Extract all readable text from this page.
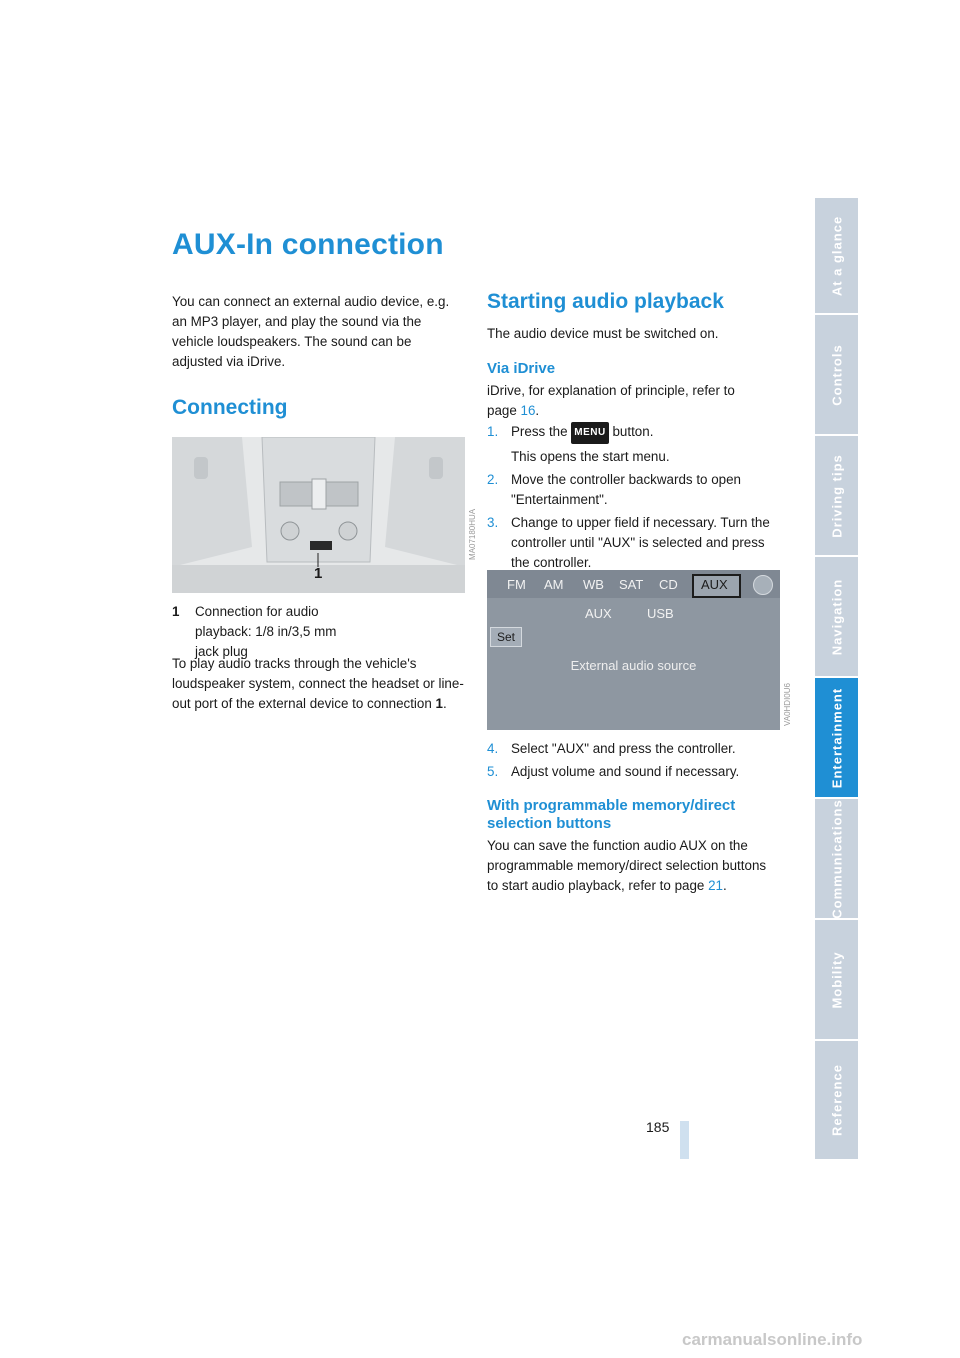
AUX-In connection
You can connect an external audio device, e.g. an MP3 player, and play the sound via the vehicle loudspeakers. The sound can be adjusted via iDrive.
Connecting
1
MA07180HUA
1 Connection for audio playback: 1/8 in/3,5 mm jack plug
To play audio tracks through the vehicle's loudspeaker system, connect the headset or line-out port of the external device to connection 1.
Starting audio playback
The audio device must be switched on.
Via iDrive
iDrive, for explanation of principle, refer to page 16.
1. Press the MENU button.
This opens the start menu.
2. Move the controller backwards to open "Entertainment".
3. Change to upper field if necessary. Turn the controller until "AUX" is selected and press the controller.
FM AM WB SAT CD AUX
AUX	USB
Set
External audio source
VA0HDI0U6
4. Select "AUX" and press the controller.
5. Adjust volume and sound if necessary.
With programmable memory/direct selection buttons
You can save the function audio AUX on the programmable memory/direct selection buttons to start audio playback, refer to page 21.
185
At a glance
Controls
Driving tips
Navigation
Entertainment
Communications
Mobility
Reference
carmanualsonline.info
